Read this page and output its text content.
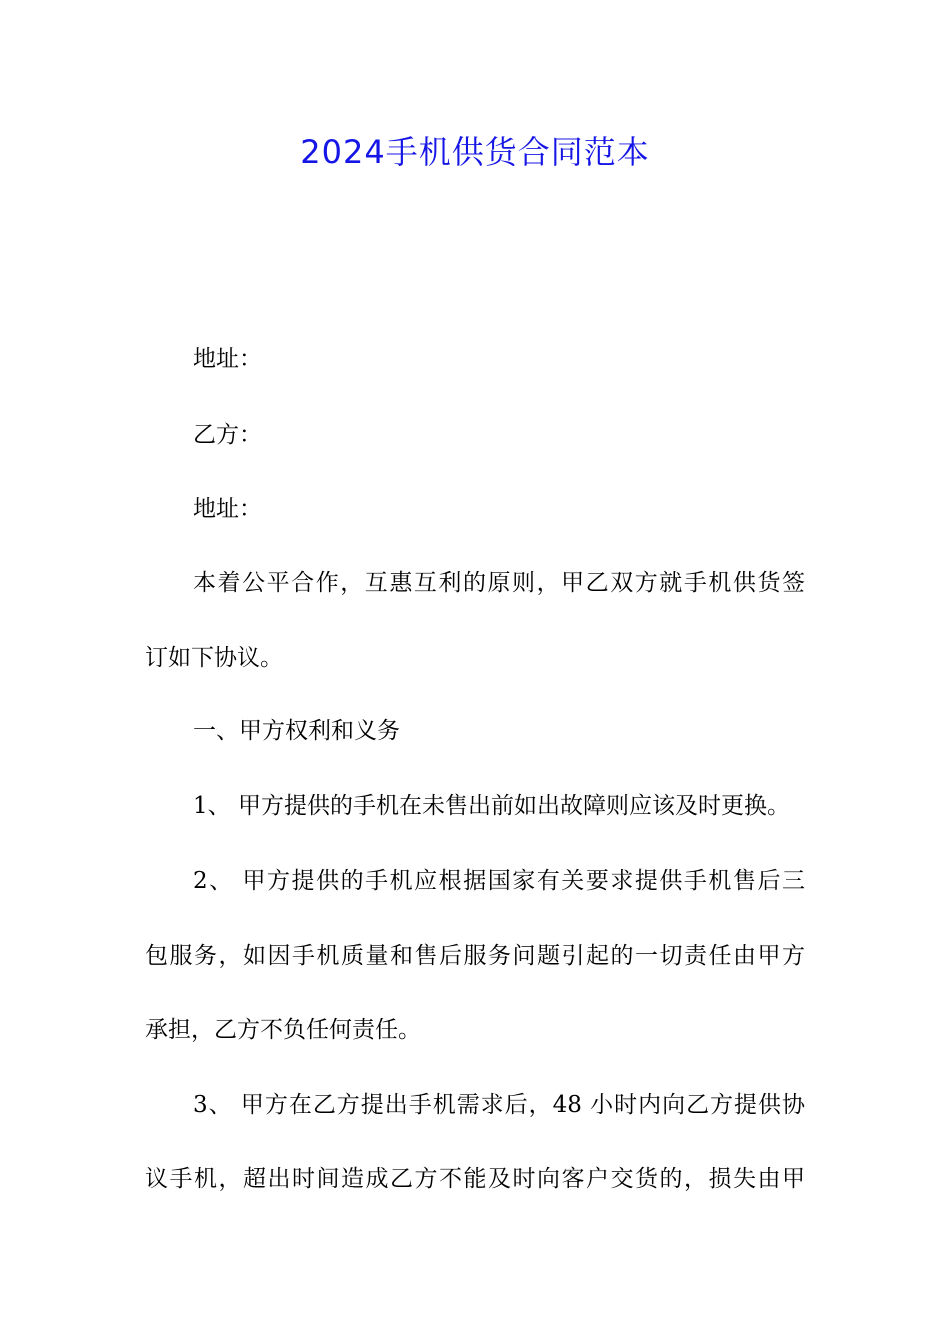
2024手机供货合同范本
地址：
乙方：
地址：
本着公平合作，互惠互利的原则，甲乙双方就手机供货签
订如下协议。
一、甲方权利和义务
1、 甲方提供的手机在未售出前如出故障则应该及时更换。
2、 甲方提供的手机应根据国家有关要求提供手机售后三
包服务，如因手机质量和售后服务问题引起的一切责任由甲方
承担，乙方不负任何责任。
3、 甲方在乙方提出手机需求后，48 小时内向乙方提供协
议手机，超出时间造成乙方不能及时向客户交货的，损失由甲
